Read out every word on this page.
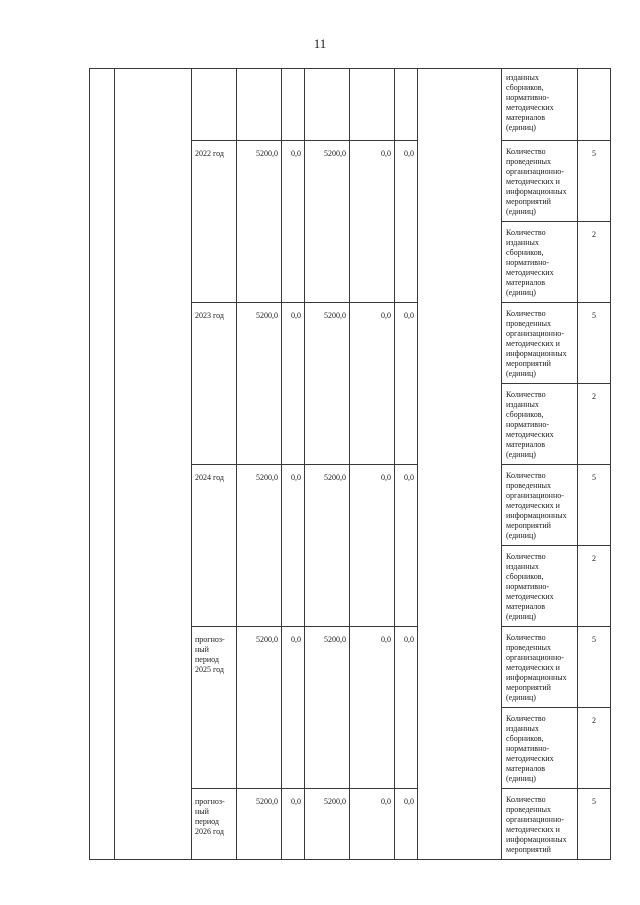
11
									изданных сборников, нормативно-методических материалов (единиц)	
		2022 год	5200,0	0,0	5200,0	0,0	0,0		Количество проведенных организационно-методических и информационных мероприятий (единиц)	5
									Количество изданных сборников, нормативно-методических материалов (единиц)	2
		2023 год	5200,0	0,0	5200,0	0,0	0,0		Количество проведенных организационно-методических и информационных мероприятий (единиц)	5
									Количество изданных сборников, нормативно-методических материалов (единиц)	2
		2024 год	5200,0	0,0	5200,0	0,0	0,0		Количество проведенных организационно-методических и информационных мероприятий (единиц)	5
									Количество изданных сборников, нормативно-методических материалов (единиц)	2
		прогноз-ный период 2025 год	5200,0	0,0	5200,0	0,0	0,0		Количество проведенных организационно-методических и информационных мероприятий (единиц)	5
									Количество изданных сборников, нормативно-методических материалов (единиц)	2
		прогноз-ный период 2026 год	5200,0	0,0	5200,0	0,0	0,0		Количество проведенных организационно-методических и информационных мероприятий	5
